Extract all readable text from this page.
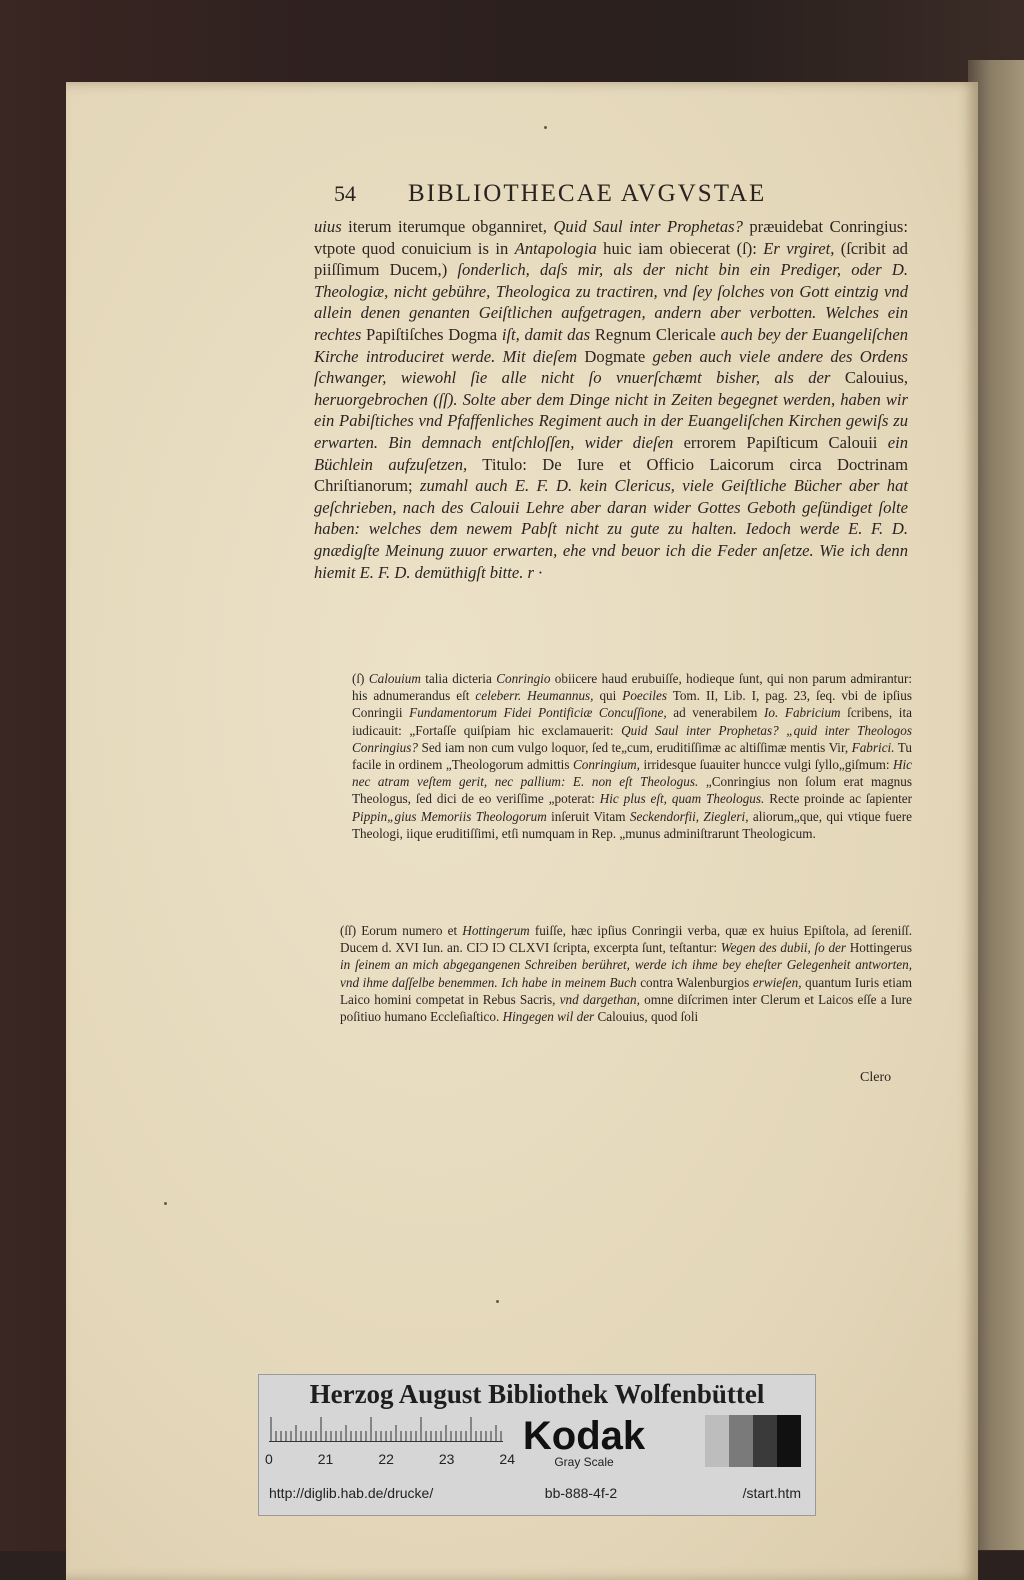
54 BIBLIOTHECAE AVGVSTAE

uius iterum iterumque obganniret, Quid Saul inter Prophetas? præuidebat Conringius: vtpote quod conuicium is in Antapologia huic iam obiecerat (ſ): Er vrgiret, (ſcribit ad piiſſimum Ducem,) ſonderlich, daſs mir, als der nicht bin ein Prediger, oder D. Theologiæ, nicht gebühre, Theologica zu tractiren, vnd ſey ſolches von Gott eintzig vnd allein denen genanten Geiſtlichen aufgetragen, andern aber verbotten. Welches ein rechtes Papiſtiſches Dogma iſt, damit das Regnum Clericale auch bey der Euangeliſchen Kirche introduciret werde. Mit dieſem Dogmate geben auch viele andere des Ordens ſchwanger, wiewohl ſie alle nicht ſo vnuerſchæmt bisher, als der Calouius, heruorgebrochen (ſſ). Solte aber dem Dinge nicht in Zeiten begegnet werden, haben wir ein Pabiſtiches vnd Pfaffenliches Regiment auch in der Euangeliſchen Kirchen gewiſs zu erwarten. Bin demnach entſchloſſen, wider dieſen errorem Papiſticum Calouii ein Büchlein aufzuſetzen, Titulo: De Iure et Officio Laicorum circa Doctrinam Chriſtianorum; zumahl auch E. F. D. kein Clericus, viele Geiſtliche Bücher aber hat geſchrieben, nach des Calouii Lehre aber daran wider Gottes Geboth geſündiget ſolte haben: welches dem newem Pabſt nicht zu gute zu halten. Iedoch werde E. F. D. gnædigſte Meinung zuuor erwarten, ehe vnd beuor ich die Feder anſetze. Wie ich denn hiemit E. F. D. demüthigſt bitte. r ·

(ſ) Calouium talia dicteria Conringio obiicere haud erubuiſſe, hodieque ſunt, qui non parum admirantur: his adnumerandus eſt celeberr. Heumannus, qui Poeciles Tom. II, Lib. I, pag. 23, ſeq. vbi de ipſius Conringii Fundamentorum Fidei Pontificiæ Concuſſione, ad venerabilem Io. Fabricium ſcribens, ita iudicauit: „Fortaſſe quiſpiam hic exclamauerit: Quid Saul inter Prophetas? „quid inter Theologos Conringius? Sed iam non cum vulgo loquor, ſed te„cum, eruditiſſimæ ac altiſſimæ mentis Vir, Fabrici. Tu facile in ordinem „Theologorum admittis Conringium, irridesque ſuauiter huncce vulgi ſyllo„giſmum: Hic nec atram veſtem gerit, nec pallium: E. non eſt Theologus. „Conringius non ſolum erat magnus Theologus, ſed dici de eo veriſſime „poterat: Hic plus eſt, quam Theologus. Recte proinde ac ſapienter Pippin„gius Memoriis Theologorum inſeruit Vitam Seckendorfii, Ziegleri, aliorum„que, qui vtique fuere Theologi, iique eruditiſſimi, etſi numquam in Rep. „munus adminiſtrarunt Theologicum.

(ſſ) Eorum numero et Hottingerum fuiſſe, hæc ipſius Conringii verba, quæ ex huius Epiſtola, ad ſereniſſ. Ducem d. XVI Iun. an. CIƆ IƆ CLXVI ſcripta, excerpta ſunt, teſtantur: Wegen des dubii, ſo der Hottingerus in ſeinem an mich abgegangenen Schreiben berühret, werde ich ihme bey eheſter Gelegenheit antworten, vnd ihme daſſelbe benemmen. Ich habe in meinem Buch contra Walenburgios erwieſen, quantum Iuris etiam Laico homini competat in Rebus Sacris, vnd dargethan, omne diſcrimen inter Clerum et Laicos eſſe a Iure poſitiuo humano Eccleſiaſtico. Hingegen wil der Calouius, quod ſoli

Clero
Herzog August Bibliothek Wolfenbüttel
0	21	22	23	24
Kodak
Gray Scale
http://diglib.hab.de/drucke/	bb-888-4f-2	/start.htm
